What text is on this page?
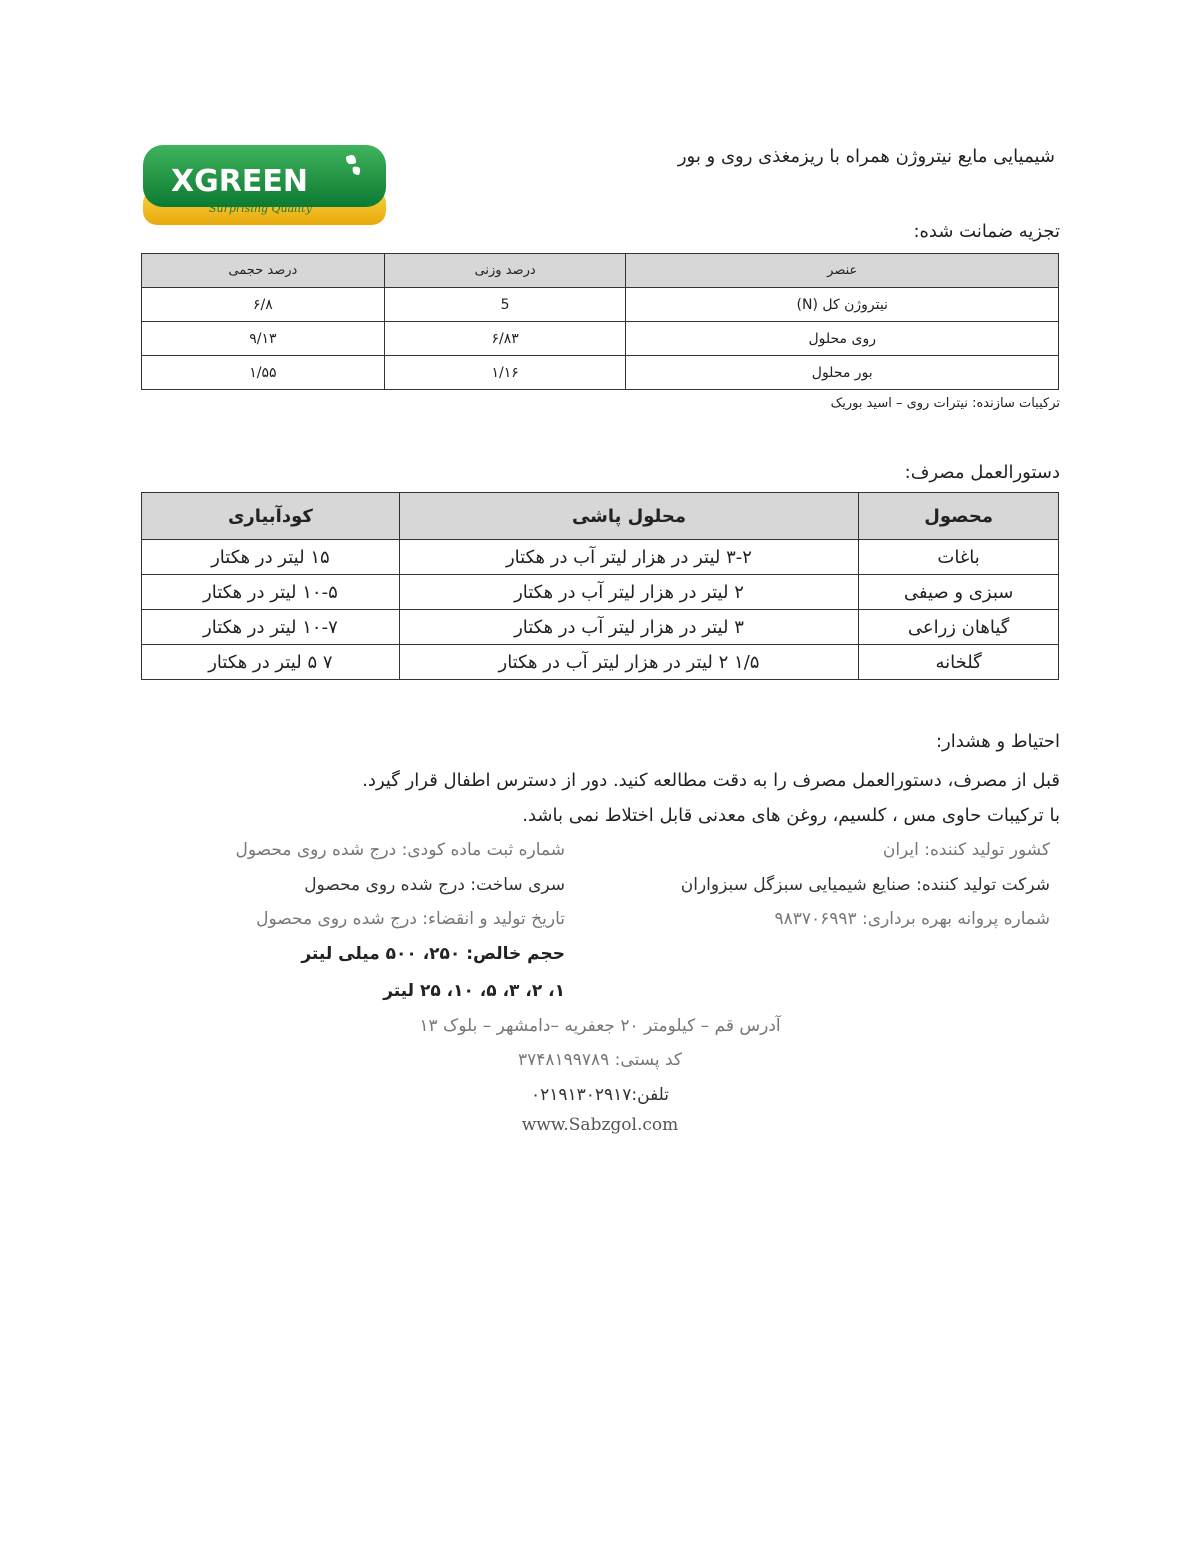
XGREEN
Surprising Quality
شیمیایی مایع نیتروژن همراه با ریزمغذی روی و بور
تجزیه ضمانت شده:
عنصر	درصد وزنی	درصد حجمی
نیتروژن کل (N)	5	۶/۸
روی محلول	۶/۸۳	۹/۱۳
بور محلول	۱/۱۶	۱/۵۵
ترکیبات سازنده: نیترات روی – اسید بوریک
دستورالعمل مصرف:
محصول	محلول پاشی	کودآبیاری
باغات	۳-۲ لیتر در هزار لیتر آب در هکتار	۱۵ لیتر در هکتار
سبزی و صیفی	۲ لیتر در هزار لیتر آب در هکتار	۱۰-۵ لیتر در هکتار
گیاهان زراعی	۳ لیتر در هزار لیتر آب در هکتار	۱۰-۷ لیتر در هکتار
گلخانه	۱/۵ ۲ لیتر در هزار لیتر آب در هکتار	۷ ۵ لیتر در هکتار
احتیاط و هشدار:
قبل از مصرف، دستورالعمل مصرف را به دقت مطالعه کنید. دور از دسترس اطفال قرار گیرد.
با ترکیبات حاوی مس ، کلسیم، روغن های معدنی قابل اختلاط نمی باشد.
کشور تولید کننده: ایران
شرکت تولید کننده: صنایع شیمیایی سبزگل سبزواران
شماره پروانه بهره برداری: ۹۸۳۷۰۶۹۹۳
شماره ثبت ماده کودی: درج شده روی محصول
سری ساخت: درج شده روی محصول
تاریخ تولید و انقضاء: درج شده روی محصول
حجم خالص: ۲۵۰، ۵۰۰ میلی لیتر
۱، ۲، ۳، ۵، ۱۰، ۲۵ لیتر
آدرس قم – کیلومتر ۲۰ جعفریه –دامشهر – بلوک ۱۳
کد پستی: ۳۷۴۸۱۹۹۷۸۹
تلفن:۰۲۱۹۱۳۰۲۹۱۷
www.Sabzgol.com
